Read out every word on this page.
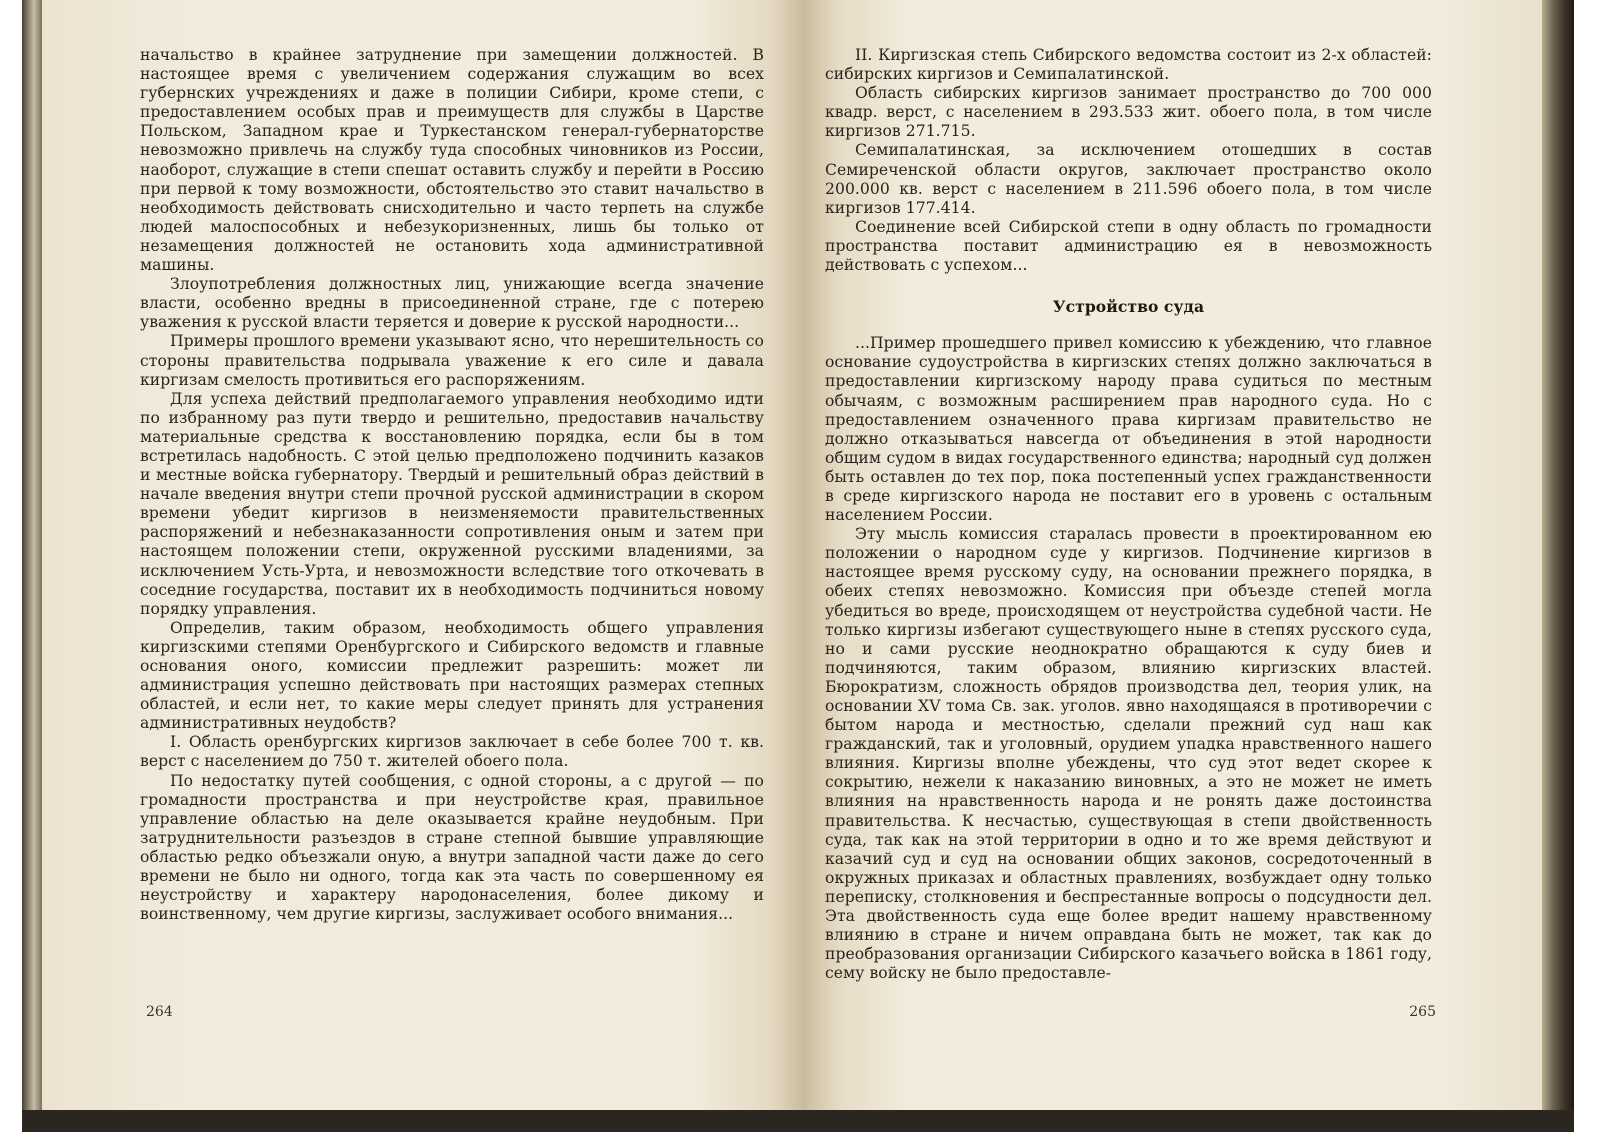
начальство в крайнее затруднение при замещении должностей. В настоящее время с увеличением содержания служащим во всех губернских учреждениях и даже в полиции Сибири, кроме степи, с предоставлением особых прав и преимуществ для службы в Царстве Польском, Западном крае и Туркестанском генерал-губернаторстве невозможно привлечь на службу туда способных чиновников из России, наоборот, служащие в степи спешат оставить службу и перейти в Россию при первой к тому возможности, обстоятельство это ставит начальство в необходимость действовать снисходительно и часто терпеть на службе людей малоспособных и небезукоризненных, лишь бы только от незамещения должностей не остановить хода административной машины.

Злоупотребления должностных лиц, унижающие всегда значение власти, особенно вредны в присоединенной стране, где с потерею уважения к русской власти теряется и доверие к русской народности...

Примеры прошлого времени указывают ясно, что нерешительность со стороны правительства подрывала уважение к его силе и давала киргизам смелость противиться его распоряжениям.

Для успеха действий предполагаемого управления необходимо идти по избранному раз пути твердо и решительно, предоставив начальству материальные средства к восстановлению порядка, если бы в том встретилась надобность. С этой целью предположено подчинить казаков и местные войска губернатору. Твердый и решительный образ действий в начале введения внутри степи прочной русской администрации в скором времени убедит киргизов в неизменяемости правительственных распоряжений и небезнаказанности сопротивления оным и затем при настоящем положении степи, окруженной русскими владениями, за исключением Усть-Урта, и невозможности вследствие того откочевать в соседние государства, поставит их в необходимость подчиниться новому порядку управления.

Определив, таким образом, необходимость общего управления киргизскими степями Оренбургского и Сибирского ведомств и главные основания оного, комиссии предлежит разрешить: может ли администрация успешно действовать при настоящих размерах степных областей, и если нет, то какие меры следует принять для устранения административных неудобств?

I. Область оренбургских киргизов заключает в себе более 700 т. кв. верст с населением до 750 т. жителей обоего пола.

По недостатку путей сообщения, с одной стороны, а с другой — по громадности пространства и при неустройстве края, правильное управление областью на деле оказывается крайне неудобным. При затруднительности разъездов в стране степной бывшие управляющие областью редко объезжали оную, а внутри западной части даже до сего времени не было ни одного, тогда как эта часть по совершенному ея неустройству и характеру народонаселения, более дикому и воинственному, чем другие киргизы, заслуживает особого внимания...

264

II. Киргизская степь Сибирского ведомства состоит из 2-х областей: сибирских киргизов и Семипалатинской.

Область сибирских киргизов занимает пространство до 700 000 квадр. верст, с населением в 293.533 жит. обоего пола, в том числе киргизов 271.715.

Семипалатинская, за исключением отошедших в состав Семиреченской области округов, заключает пространство около 200.000 кв. верст с населением в 211.596 обоего пола, в том числе киргизов 177.414.

Соединение всей Сибирской степи в одну область по громадности пространства поставит администрацию ея в невозможность действовать с успехом...

Устройство суда

...Пример прошедшего привел комиссию к убеждению, что главное основание судоустройства в киргизских степях должно заключаться в предоставлении киргизскому народу права судиться по местным обычаям, с возможным расширением прав народного суда. Но с предоставлением означенного права киргизам правительство не должно отказываться навсегда от объединения в этой народности общим судом в видах государственного единства; народный суд должен быть оставлен до тех пор, пока постепенный успех гражданственности в среде киргизского народа не поставит его в уровень с остальным населением России.

Эту мысль комиссия старалась провести в проектированном ею положении о народном суде у киргизов. Подчинение киргизов в настоящее время русскому суду, на основании прежнего порядка, в обеих степях невозможно. Комиссия при объезде степей могла убедиться во вреде, происходящем от неустройства судебной части. Не только киргизы избегают существующего ныне в степях русского суда, но и сами русские неоднократно обращаются к суду биев и подчиняются, таким образом, влиянию киргизских властей. Бюрократизм, сложность обрядов производства дел, теория улик, на основании XV тома Св. зак. уголов. явно находящаяся в противоречии с бытом народа и местностью, сделали прежний суд наш как гражданский, так и уголовный, орудием упадка нравственного нашего влияния. Киргизы вполне убеждены, что суд этот ведет скорее к сокрытию, нежели к наказанию виновных, а это не может не иметь влияния на нравственность народа и не ронять даже достоинства правительства. К несчастью, существующая в степи двойственность суда, так как на этой территории в одно и то же время действуют и казачий суд и суд на основании общих законов, сосредоточенный в окружных приказах и областных правлениях, возбуждает одну только переписку, столкновения и беспрестанные вопросы о подсудности дел. Эта двойственность суда еще более вредит нашему нравственному влиянию в стране и ничем оправдана быть не может, так как до преобразования организации Сибирского казачьего войска в 1861 году, сему войску не было предоставле-

265
